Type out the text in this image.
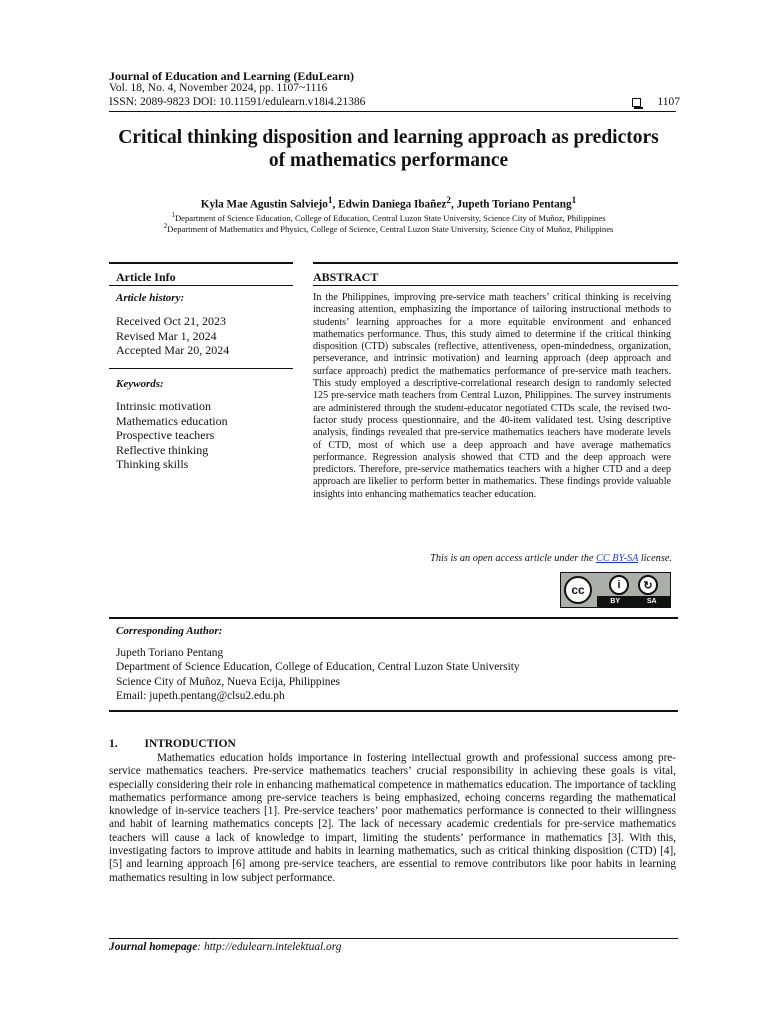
Journal of Education and Learning (EduLearn)
Vol. 18, No. 4, November 2024, pp. 1107~1116
ISSN: 2089-9823 DOI: 10.11591/edulearn.v18i4.21386	1107
Critical thinking disposition and learning approach as predictors of mathematics performance
Kyla Mae Agustin Salviejo$^1$, Edwin Daniega Ibañez$^2$, Jupeth Toriano Pentang$^1$
$^1$Department of Science Education, College of Education, Central Luzon State University, Science City of Muñoz, Philippines
$^2$Department of Mathematics and Physics, College of Science, Central Luzon State University, Science City of Muñoz, Philippines
Article Info	ABSTRACT
Article history:
Received Oct 21, 2023
Revised Mar 1, 2024
Accepted Mar 20, 2024
Keywords:
Intrinsic motivation
Mathematics education
Prospective teachers
Reflective thinking
Thinking skills
In the Philippines, improving pre-service math teachers’ critical thinking is receiving increasing attention, emphasizing the importance of tailoring instructional methods to students’ learning approaches for a more equitable environment and enhanced mathematics performance. Thus, this study aimed to determine if the critical thinking disposition (CTD) subscales (reflective, attentiveness, open-mindedness, organization, perseverance, and intrinsic motivation) and learning approach (deep approach and surface approach) predict the mathematics performance of pre-service math teachers. This study employed a descriptive-correlational research design to randomly selected 125 pre-service math teachers from Central Luzon, Philippines. The survey instruments are administered through the student-educator negotiated CTDs scale, the revised two-factor study process questionnaire, and the 40-item validated test. Using descriptive analysis, findings revealed that pre-service mathematics teachers have moderate levels of CTD, most of which use a deep approach and have average mathematics performance. Regression analysis showed that CTD and the deep approach were predictors. Therefore, pre-service mathematics teachers with a higher CTD and a deep approach are likelier to perform better in mathematics. These findings provide valuable insights into enhancing mathematics teacher education.
This is an open access article under the CC BY-SA license.
cc	i	↻
BY	SA
Corresponding Author:
Jupeth Toriano Pentang
Department of Science Education, College of Education, Central Luzon State University
Science City of Muñoz, Nueva Ecija, Philippines
Email: jupeth.pentang@clsu2.edu.ph
1. INTRODUCTION

Mathematics education holds importance in fostering intellectual growth and professional success among pre-service mathematics teachers. Pre-service mathematics teachers’ crucial responsibility in achieving these goals is vital, especially considering their role in enhancing mathematical competence in mathematics education. The importance of tackling mathematics performance among pre-service teachers is being emphasized, echoing concerns regarding the mathematical knowledge of in-service teachers [1]. Pre-service teachers’ poor mathematics performance is connected to their willingness and habit of learning mathematics concepts [2]. The lack of necessary academic credentials for pre-service mathematics teachers will cause a lack of knowledge to impart, limiting the students’ performance in mathematics [3]. With this, investigating factors to improve attitude and habits in learning mathematics, such as critical thinking disposition (CTD) [4], [5] and learning approach [6] among pre-service teachers, are essential to remove contributors like poor habits in learning mathematics resulting in low subject performance.

Journal homepage: http://edulearn.intelektual.org
